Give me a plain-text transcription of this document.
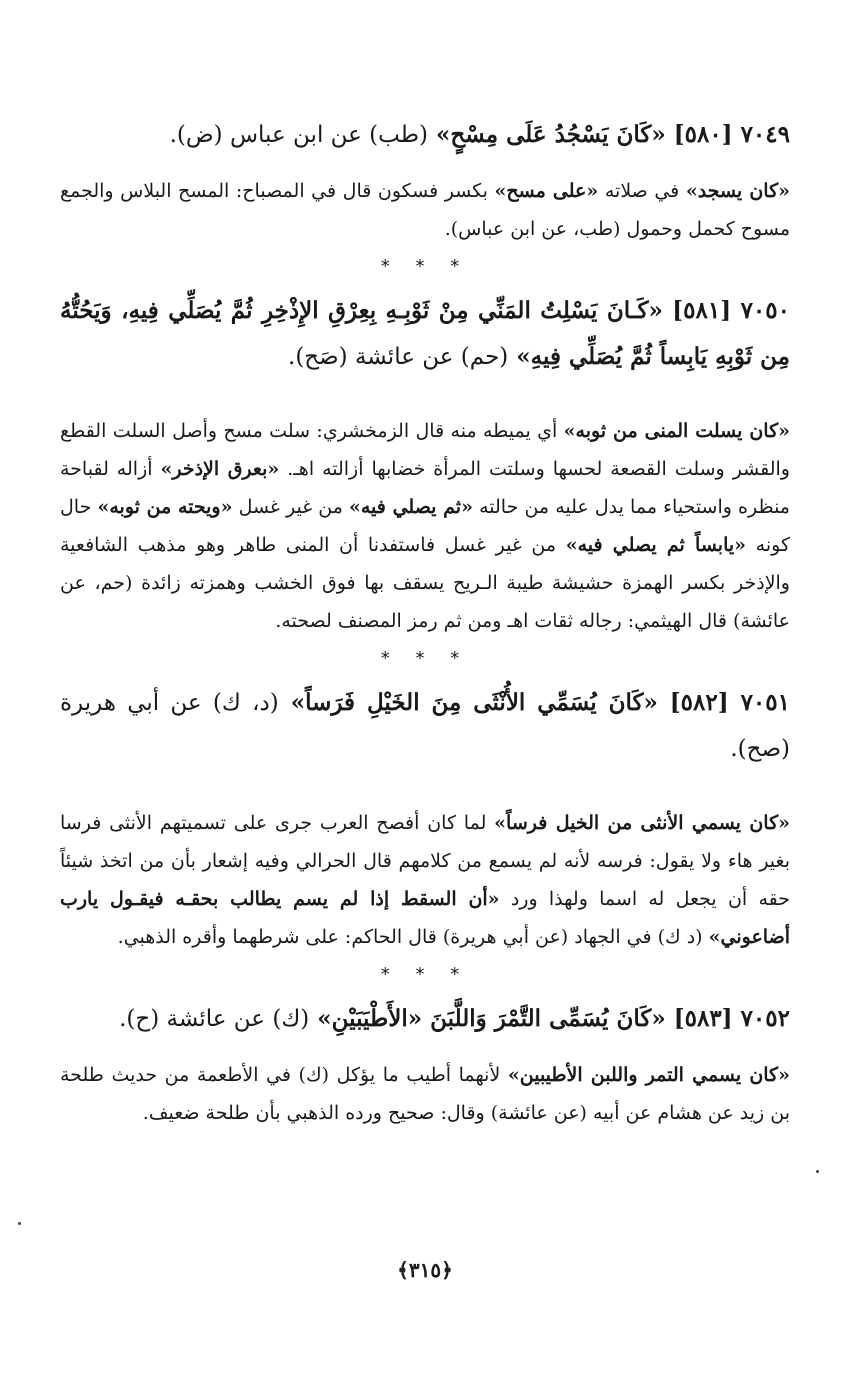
٧٠٤٩ [٥٨٠] «كَانَ يَسْجُدُ عَلَى مِسْحٍ» (طب) عن ابن عباس (ض).

«كان يسجد» في صلاته «على مسح» بكسر فسكون قال في المصباح: المسح البلاس والجمع مسوح كحمل وحمول (طب، عن ابن عباس).

* * *

٧٠٥٠ [٥٨١] «كَـانَ يَسْلِتُ المَنِّي مِنْ ثَوْبِـهِ بِعِرْقِ الإِذْخِرِ ثُمَّ يُصَلِّي فِيهِ، وَيَحُتُّهُ مِن ثَوْبِهِ يَابِساً ثُمَّ يُصَلِّي فِيهِ» (حم) عن عائشة (صَح).

«كان يسلت المنى من ثوبه» أي يميطه منه قال الزمخشري: سلت مسح وأصل السلت القطع والقشر وسلت القصعة لحسها وسلتت المرأة خضابها أزالته اهـ. «بعرق الإذخر» أزاله لقباحة منظره واستحياء مما يدل عليه من حالته «ثم يصلي فيه» من غير غسل «ويحته من ثوبه» حال كونه «يابساً ثم يصلي فيه» من غير غسل فاستفدنا أن المنى طاهر وهو مذهب الشافعية والإذخر بكسر الهمزة حشيشة طيبة الـريح يسقف بها فوق الخشب وهمزته زائدة (حم، عن عائشة) قال الهيثمي: رجاله ثقات اهـ ومن ثم رمز المصنف لصحته.

* * *

٧٠٥١ [٥٨٢] «كَانَ يُسَمِّي الأُنْثَى مِنَ الخَيْلِ فَرَساً» (د، ك) عن أبي هريرة (صح).

«كان يسمي الأنثى من الخيل فرساً» لما كان أفصح العرب جرى على تسميتهم الأنثى فرسا بغير هاء ولا يقول: فرسه لأنه لم يسمع من كلامهم قال الحرالي وفيه إشعار بأن من اتخذ شيئاً حقه أن يجعل له اسما ولهذا ورد «أن السقط إذا لم يسم يطالب بحقـه فيقـول يارب أضاعوني» (د ك) في الجهاد (عن أبي هريرة) قال الحاكم: على شرطهما وأقره الذهبي.

* * *

٧٠٥٢ [٥٨٣] «كَانَ يُسَمِّى التَّمْرَ وَاللَّبَنَ «الأَطْيَبَيْنِ» (ك) عن عائشة (ح).

«كان يسمي التمر واللبن الأطيبين» لأنهما أطيب ما يؤكل (ك) في الأطعمة من حديث طلحة بن زيد عن هشام عن أبيه (عن عائشة) وقال: صحيح ورده الذهبي بأن طلحة ضعيف.

﴿٣١٥﴾
